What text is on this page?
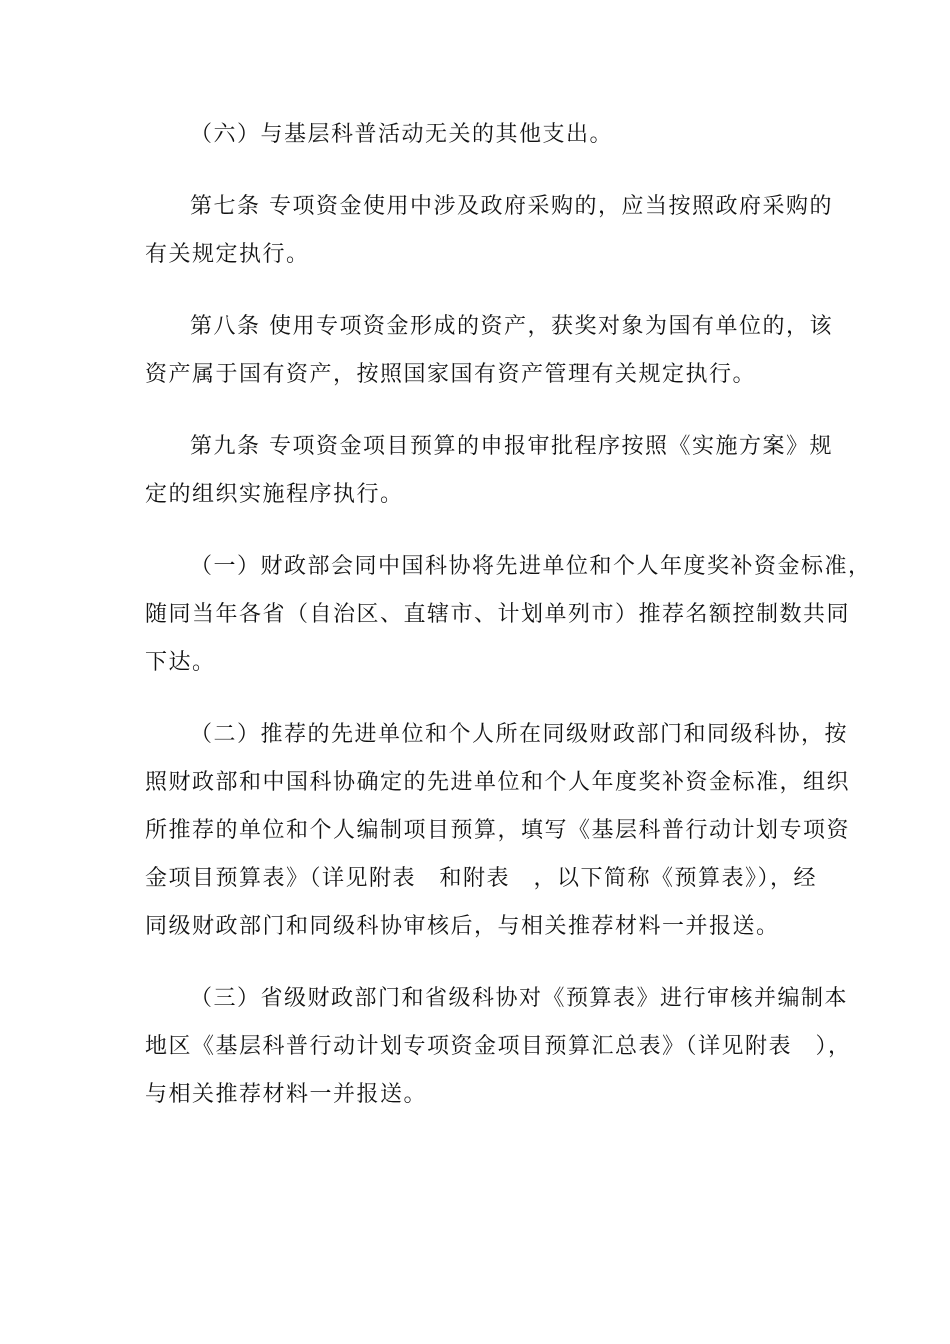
（六）与基层科普活动无关的其他支出。
第七条 专项资金使用中涉及政府采购的，应当按照政府采购的
有关规定执行。
第八条 使用专项资金形成的资产，获奖对象为国有单位的，该
资产属于国有资产，按照国家国有资产管理有关规定执行。
第九条 专项资金项目预算的申报审批程序按照《实施方案》规
定的组织实施程序执行。
（一）财政部会同中国科协将先进单位和个人年度奖补资金标准，
随同当年各省（自治区、直辖市、计划单列市）推荐名额控制数共同
下达。
（二）推荐的先进单位和个人所在同级财政部门和同级科协，按
照财政部和中国科协确定的先进单位和个人年度奖补资金标准，组织
所推荐的单位和个人编制项目预算，填写《基层科普行动计划专项资
金项目预算表》（详见附表　和附表　，以下简称《预算表》），经
同级财政部门和同级科协审核后，与相关推荐材料一并报送。
（三）省级财政部门和省级科协对《预算表》进行审核并编制本
地区《基层科普行动计划专项资金项目预算汇总表》（详见附表　），
与相关推荐材料一并报送。
